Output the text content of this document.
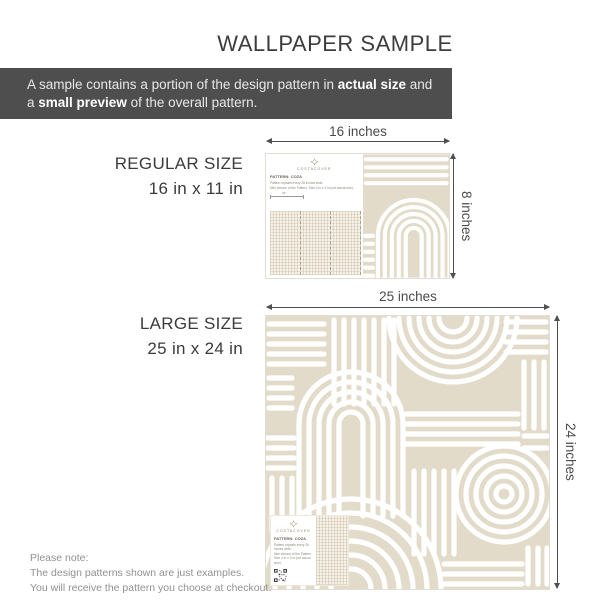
WALLPAPER SAMPLE
A sample contains a portion of the design pattern in actual size and a small preview of the overall pattern.
REGULAR SIZE
16 in x 11 in
16 inches
8 inches
COSTACOVER
PATTERN: COZA
Pattern repeats every 26 inches wide.
Mini version of the Pattern. Size 4 in x 3 in (not actual size).
26″
LARGE SIZE
25 in x 24 in
25 inches
24 inches
COSTACOVER
PATTERN: COZA
Pattern repeats every 26 inches wide.
Mini version of the Pattern. Size 4 in x 3 in (not actual size).
Please note:
The design patterns shown are just examples.
You will receive the pattern you choose at checkout.
